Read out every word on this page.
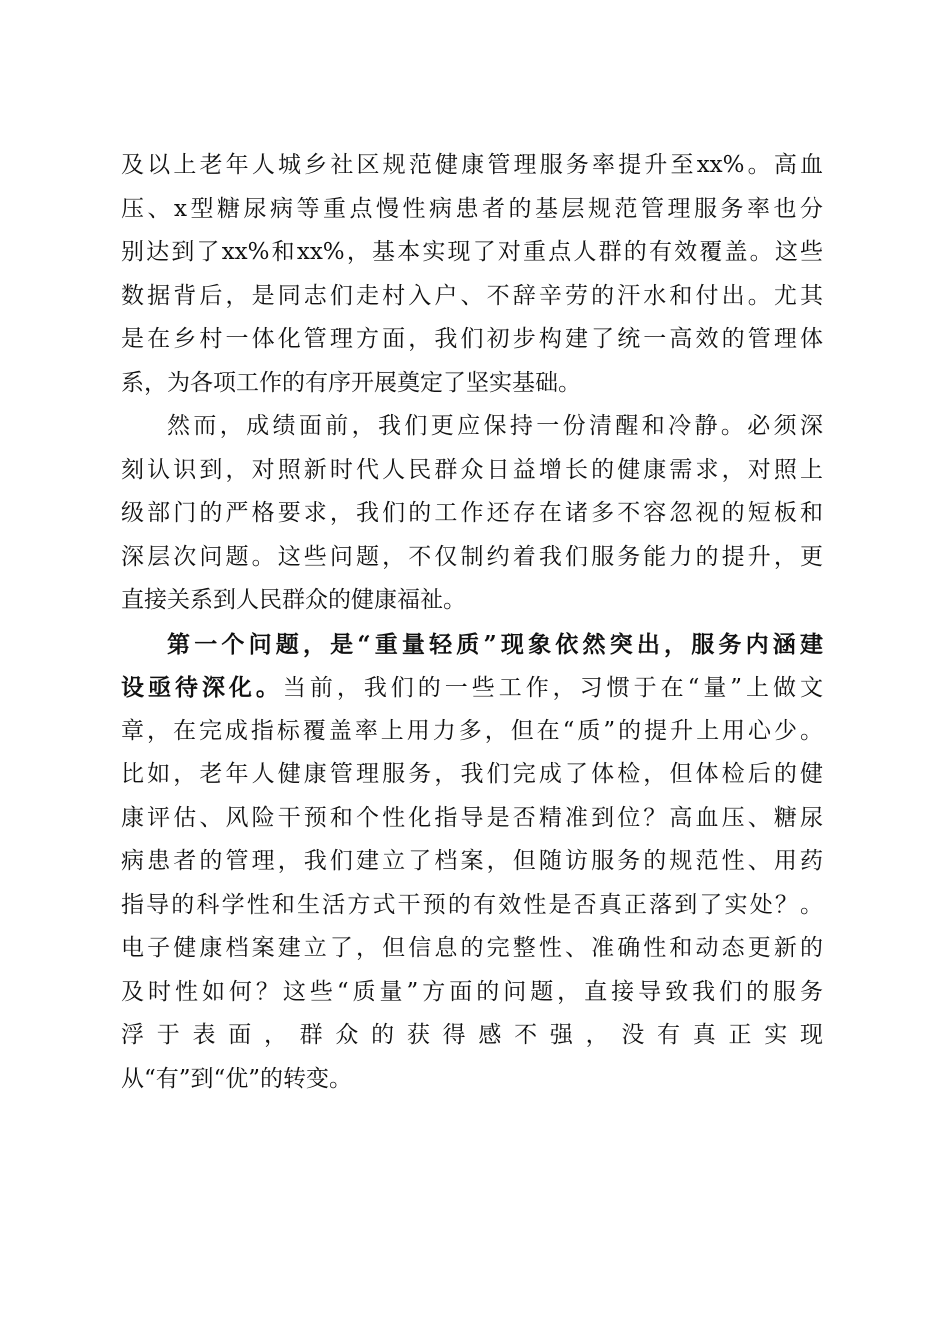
及以上老年人城乡社区规范健康管理服务率提升至xx%。高血
压、x型糖尿病等重点慢性病患者的基层规范管理服务率也分
别达到了xx%和xx%，基本实现了对重点人群的有效覆盖。这些
数据背后，是同志们走村入户、不辞辛劳的汗水和付出。尤其
是在乡村一体化管理方面，我们初步构建了统一高效的管理体
系，为各项工作的有序开展奠定了坚实基础。
然而，成绩面前，我们更应保持一份清醒和冷静。必须深
刻认识到，对照新时代人民群众日益增长的健康需求，对照上
级部门的严格要求，我们的工作还存在诸多不容忽视的短板和
深层次问题。这些问题，不仅制约着我们服务能力的提升，更
直接关系到人民群众的健康福祉。
第一个问题，是“重量轻质”现象依然突出，服务内涵建
设亟待深化。当前，我们的一些工作，习惯于在“量”上做文
章，在完成指标覆盖率上用力多，但在“质”的提升上用心少。
比如，老年人健康管理服务，我们完成了体检，但体检后的健
康评估、风险干预和个性化指导是否精准到位？高血压、糖尿
病患者的管理，我们建立了档案，但随访服务的规范性、用药
指导的科学性和生活方式干预的有效性是否真正落到了实处？。
电子健康档案建立了，但信息的完整性、准确性和动态更新的
及时性如何？这些“质量”方面的问题，直接导致我们的服务
浮于表面，群众的获得感不强，没有真正实现
从“有”到“优”的转变。
